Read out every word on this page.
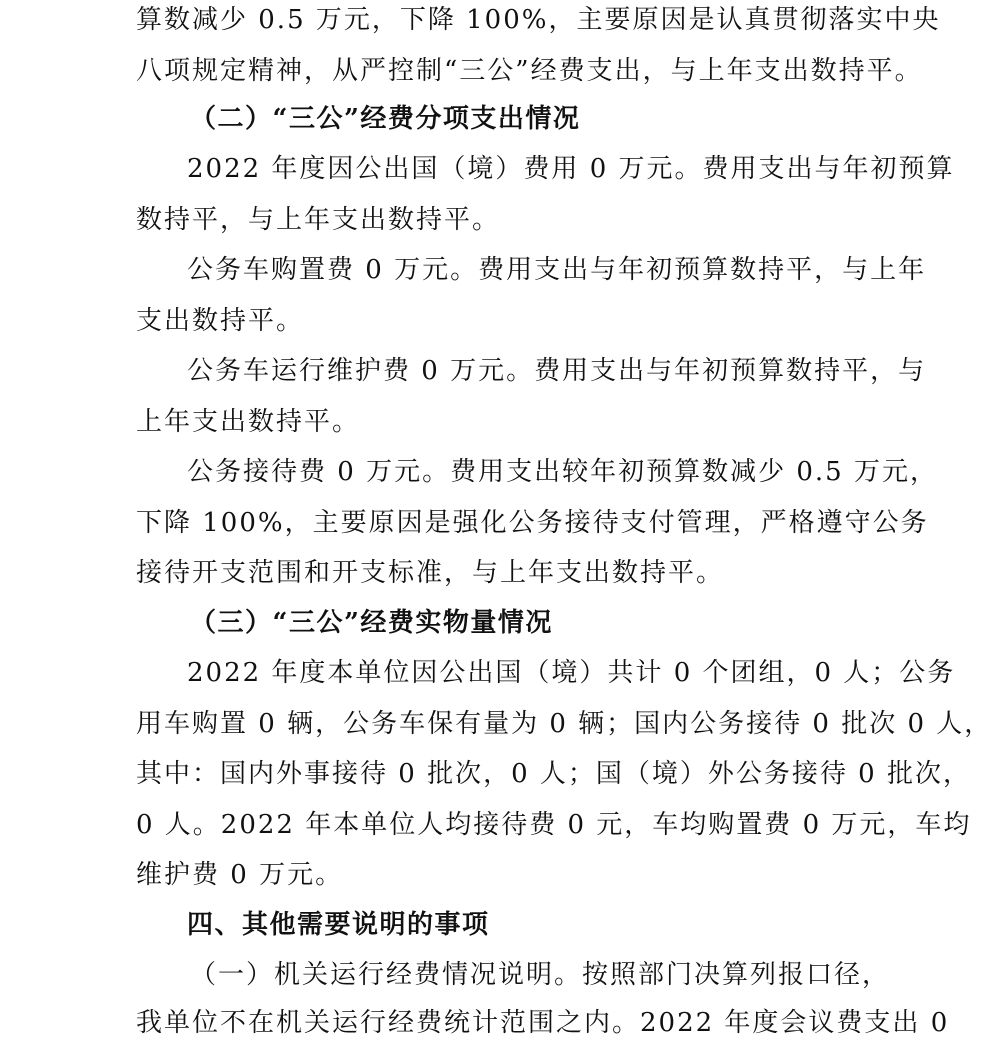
算数减少 0.5 万元，下降 100%，主要原因是认真贯彻落实中央
八项规定精神，从严控制“三公”经费支出，与上年支出数持平。
（二）“三公”经费分项支出情况
2022 年度因公出国（境）费用 0 万元。费用支出与年初预算
数持平，与上年支出数持平。
公务车购置费 0 万元。费用支出与年初预算数持平，与上年
支出数持平。
公务车运行维护费 0 万元。费用支出与年初预算数持平，与
上年支出数持平。
公务接待费 0 万元。费用支出较年初预算数减少 0.5 万元，
下降 100%，主要原因是强化公务接待支付管理，严格遵守公务
接待开支范围和开支标准，与上年支出数持平。
（三）“三公”经费实物量情况
2022 年度本单位因公出国（境）共计 0 个团组，0 人；公务
用车购置 0 辆，公务车保有量为 0 辆；国内公务接待 0 批次 0 人，
其中：国内外事接待 0 批次，0 人；国（境）外公务接待 0 批次，
0 人。2022 年本单位人均接待费 0 元，车均购置费 0 万元，车均
维护费 0 万元。
四、其他需要说明的事项
（一）机关运行经费情况说明。按照部门决算列报口径，
我单位不在机关运行经费统计范围之内。2022 年度会议费支出 0
